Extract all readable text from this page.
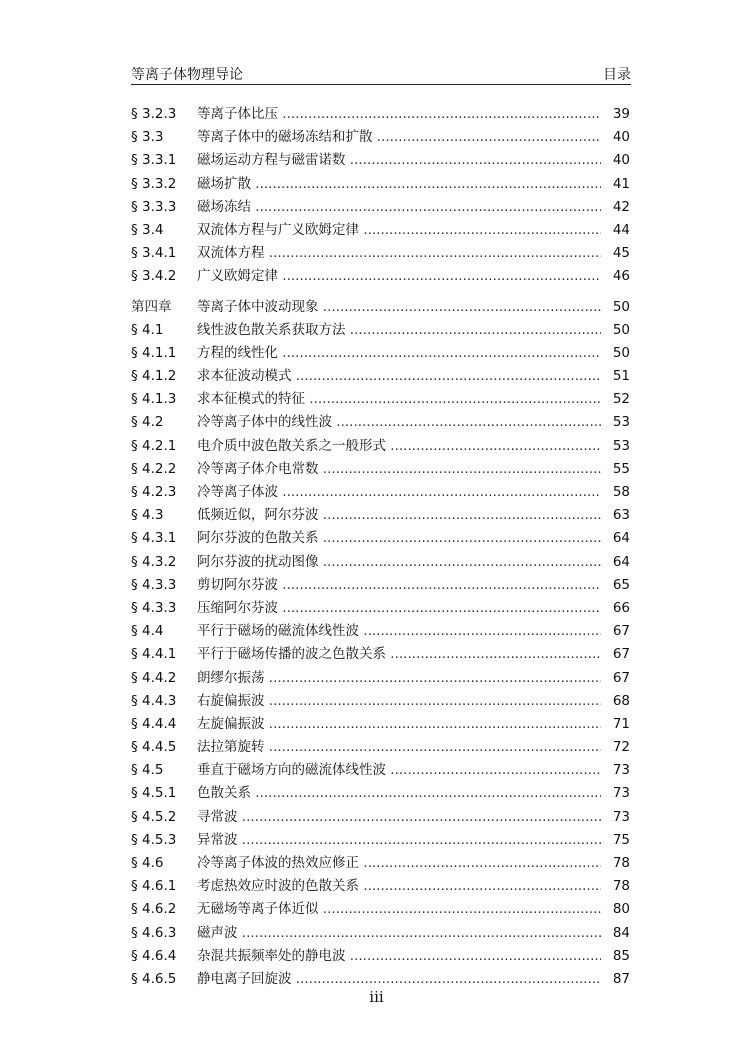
等离子体物理导论	目录
§ 3.2.3	等离子体比压 .....	39
§ 3.3	等离子体中的磁场冻结和扩散 .....	40
§ 3.3.1	磁场运动方程与磁雷诺数 .....	40
§ 3.3.2	磁场扩散 .....	41
§ 3.3.3	磁场冻结 .....	42
§ 3.4	双流体方程与广义欧姆定律 .....	44
§ 3.4.1	双流体方程 .....	45
§ 3.4.2	广义欧姆定律 .....	46
第四章	等离子体中波动现象 .....	50
§ 4.1	线性波色散关系获取方法 .....	50
§ 4.1.1	方程的线性化 .....	50
§ 4.1.2	求本征波动模式 .....	51
§ 4.1.3	求本征模式的特征 .....	52
§ 4.2	冷等离子体中的线性波 .....	53
§ 4.2.1	电介质中波色散关系之一般形式 .....	53
§ 4.2.2	冷等离子体介电常数 .....	55
§ 4.2.3	冷等离子体波 .....	58
§ 4.3	低频近似，阿尔芬波 .....	63
§ 4.3.1	阿尔芬波的色散关系 .....	64
§ 4.3.2	阿尔芬波的扰动图像 .....	64
§ 4.3.3	剪切阿尔芬波 .....	65
§ 4.3.3	压缩阿尔芬波 .....	66
§ 4.4	平行于磁场的磁流体线性波 .....	67
§ 4.4.1	平行于磁场传播的波之色散关系 .....	67
§ 4.4.2	朗缪尔振荡 .....	67
§ 4.4.3	右旋偏振波 .....	68
§ 4.4.4	左旋偏振波 .....	71
§ 4.4.5	法拉第旋转 .....	72
§ 4.5	垂直于磁场方向的磁流体线性波 .....	73
§ 4.5.1	色散关系 .....	73
§ 4.5.2	寻常波 .....	73
§ 4.5.3	异常波 .....	75
§ 4.6	冷等离子体波的热效应修正 .....	78
§ 4.6.1	考虑热效应时波的色散关系 .....	78
§ 4.6.2	无磁场等离子体近似 .....	80
§ 4.6.3	磁声波 .....	84
§ 4.6.4	杂混共振频率处的静电波 .....	85
§ 4.6.5	静电离子回旋波 .....	87
iii
